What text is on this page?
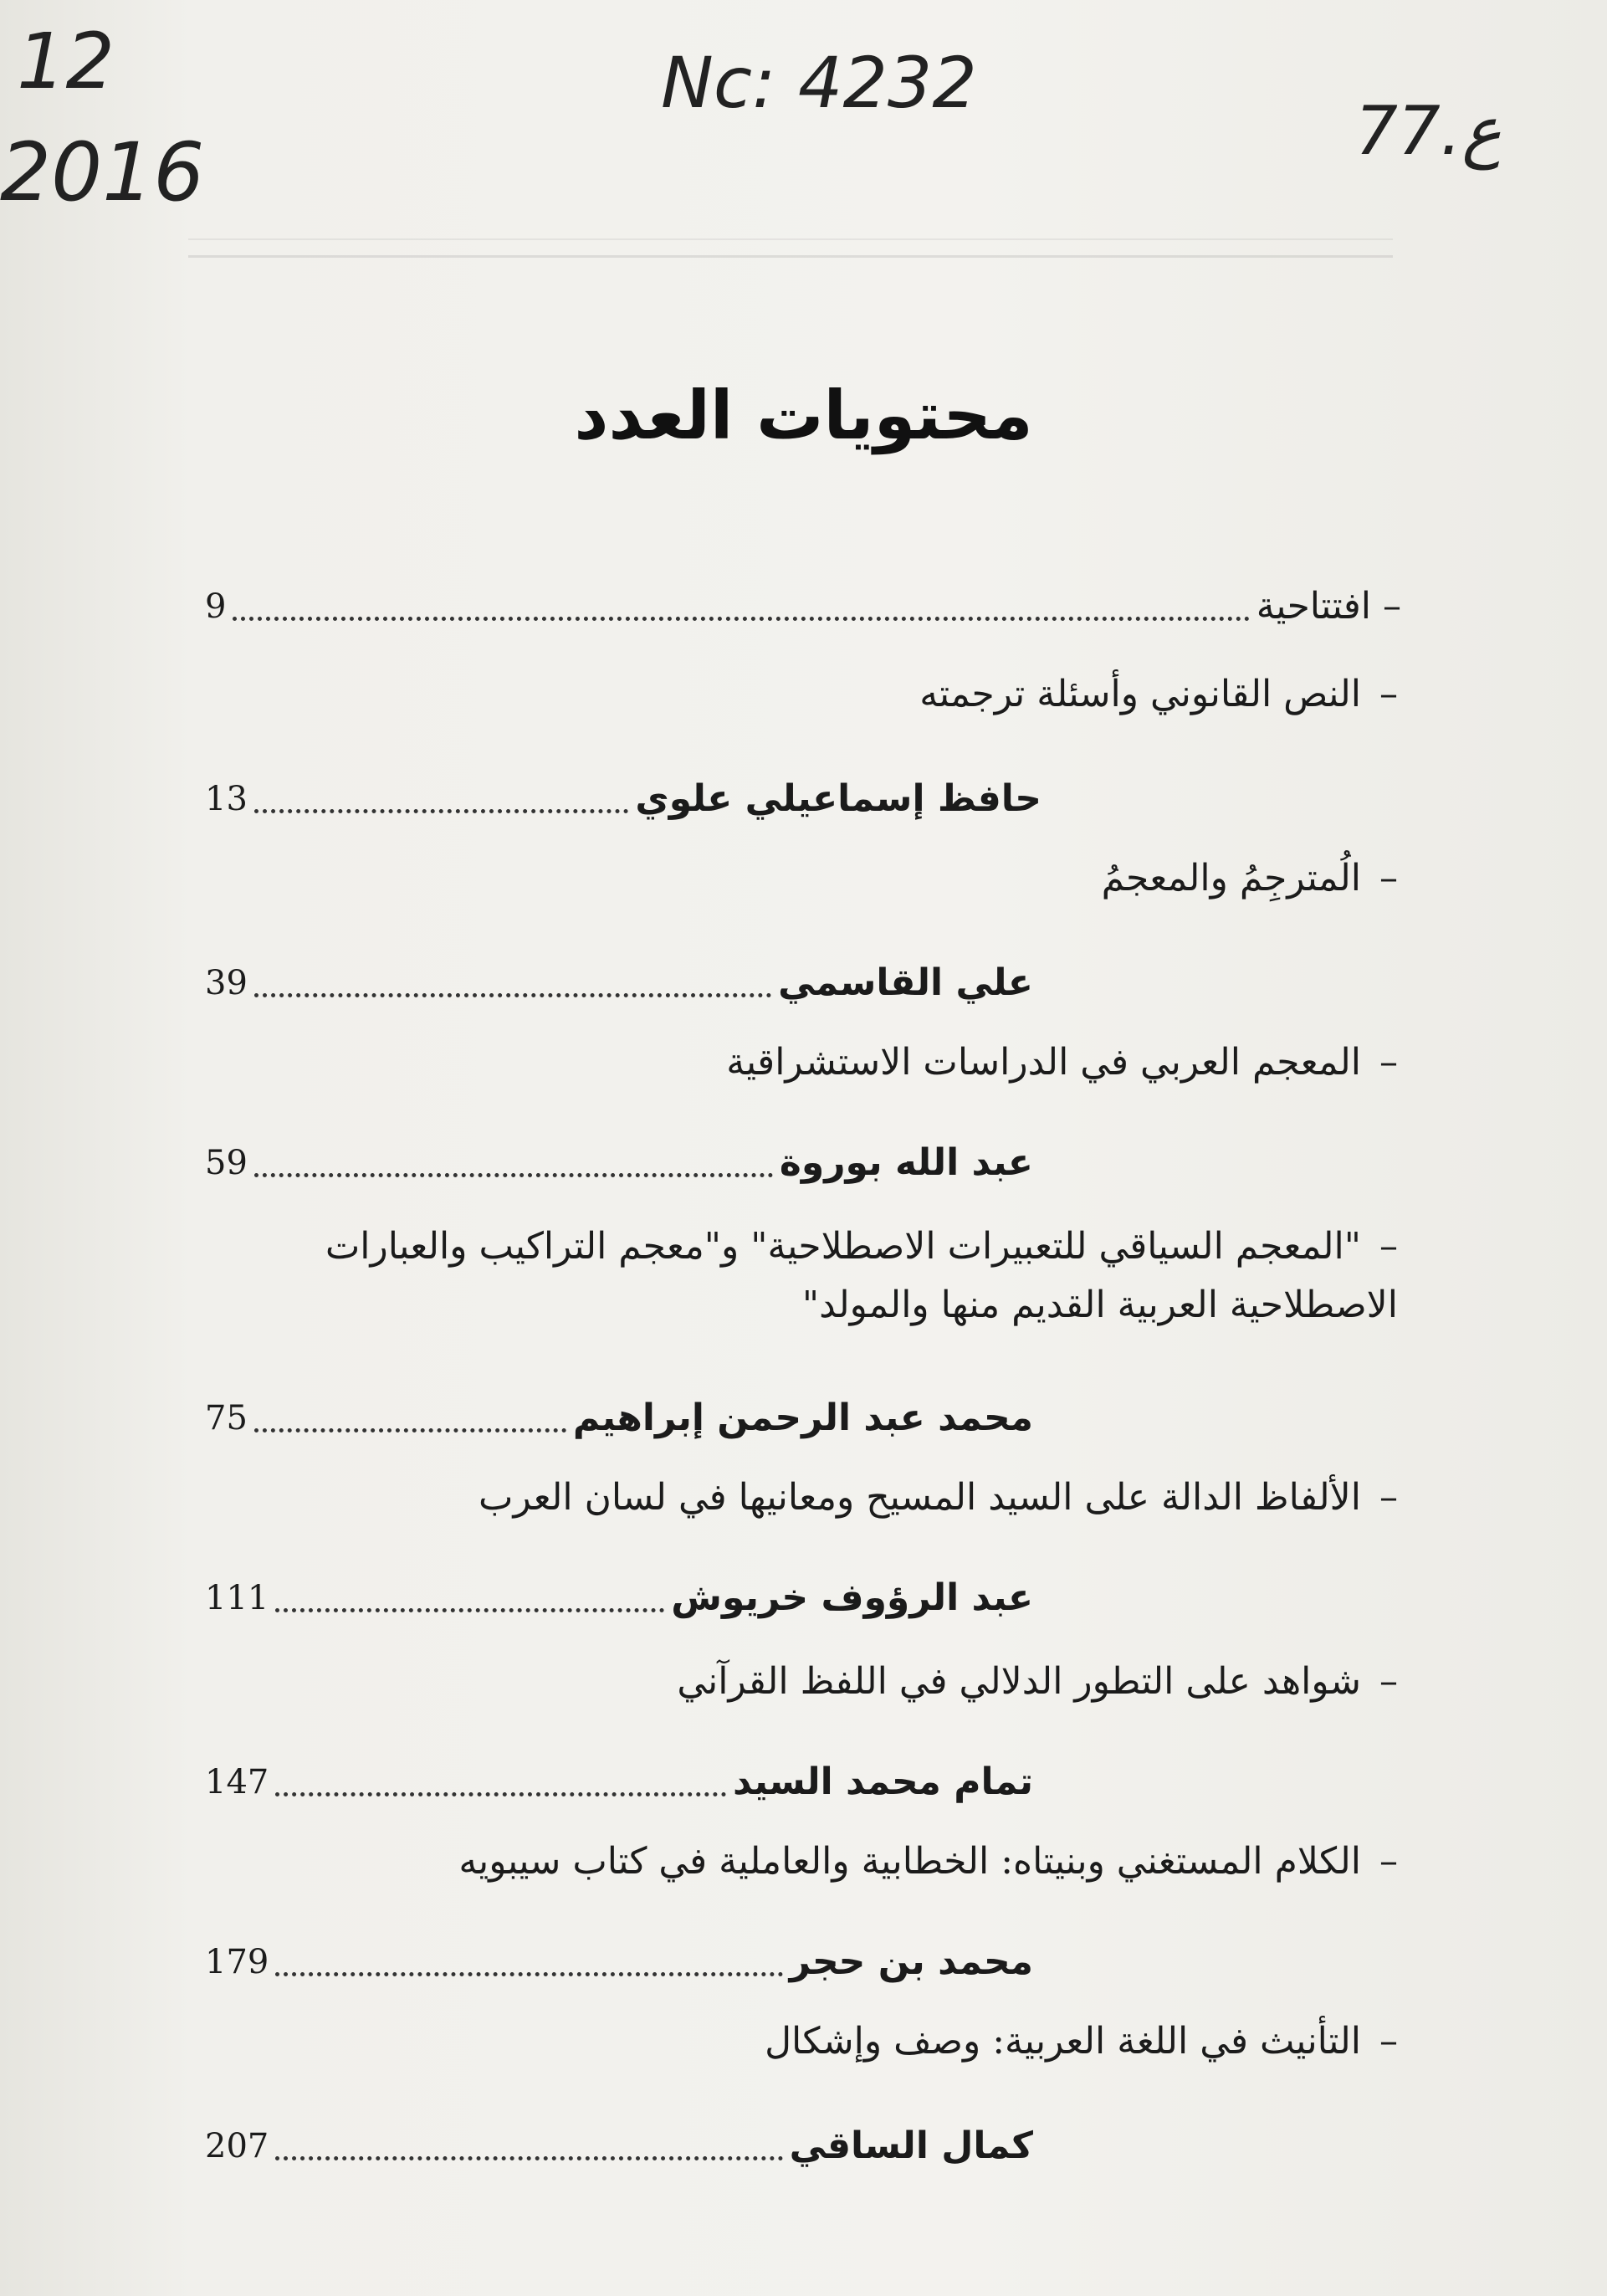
12
2016
Nc: 4232
77.ع
محتويات العدد
– افتتاحية
9
–النص القانوني وأسئلة ترجمته
حافظ إسماعيلي علوي
13
–الُمترجِمُ والمعجمُ
علي القاسمي
39
–المعجم العربي في الدراسات الاستشراقية
عبد الله بوروة
59
–"المعجم السياقي للتعبيرات الاصطلاحية" و"معجم التراكيب والعبارات الاصطلاحية العربية القديم منها والمولد"
محمد عبد الرحمن إبراهيم
75
–الألفاظ الدالة على السيد المسيح ومعانيها في لسان العرب
عبد الرؤوف خريوش
111
–شواهد على التطور الدلالي في اللفظ القرآني
تمام محمد السيد
147
–الكلام المستغني وبنيتاه: الخطابية والعاملية في كتاب سيبويه
محمد بن حجر
179
–التأنيث في اللغة العربية: وصف وإشكال
كمال الساقي
207
